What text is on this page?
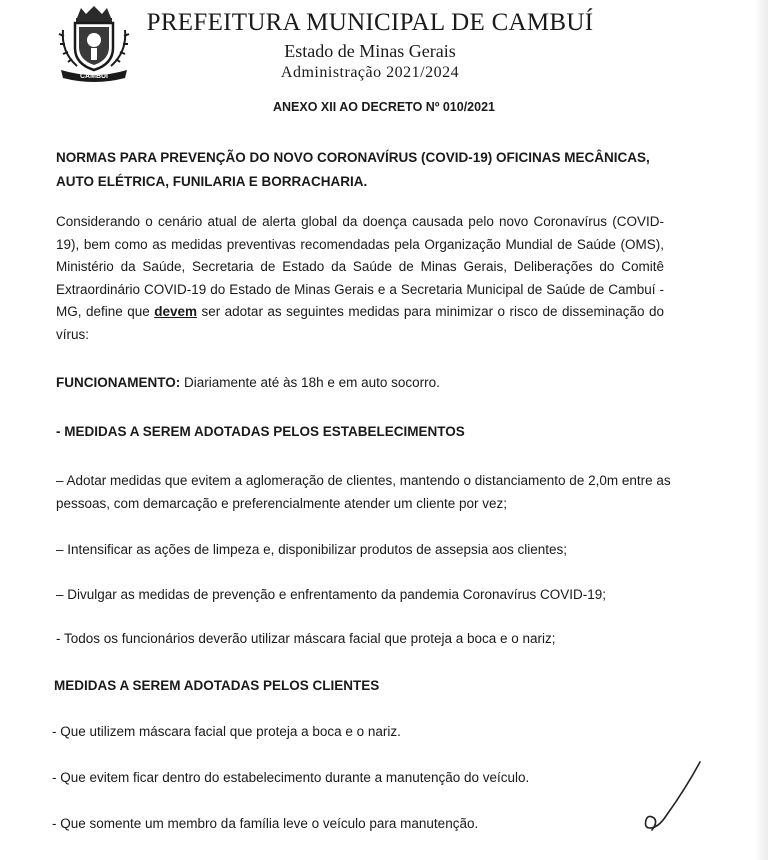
CAMBUÍ
PREFEITURA MUNICIPAL DE CAMBUÍ
Estado de Minas Gerais
Administração 2021/2024
ANEXO XII AO DECRETO Nº 010/2021
NORMAS PARA PREVENÇÃO DO NOVO CORONAVÍRUS (COVID-19) OFICINAS MECÂNICAS, AUTO ELÉTRICA, FUNILARIA E BORRACHARIA.
Considerando o cenário atual de alerta global da doença causada pelo novo Coronavírus (COVID-19), bem como as medidas preventivas recomendadas pela Organização Mundial de Saúde (OMS), Ministério da Saúde, Secretaria de Estado da Saúde de Minas Gerais, Deliberações do Comitê Extraordinário COVID-19 do Estado de Minas Gerais e a Secretaria Municipal de Saúde de Cambuí - MG, define que devem ser adotar as seguintes medidas para minimizar o risco de disseminação do vírus:
FUNCIONAMENTO: Diariamente até às 18h e em auto socorro.
- MEDIDAS A SEREM ADOTADAS PELOS ESTABELECIMENTOS
– Adotar medidas que evitem a aglomeração de clientes, mantendo o distanciamento de 2,0m entre as
pessoas, com demarcação e preferencialmente atender um cliente por vez;
– Intensificar as ações de limpeza e, disponibilizar produtos de assepsia aos clientes;
– Divulgar as medidas de prevenção e enfrentamento da pandemia Coronavírus COVID-19;
- Todos os funcionários deverão utilizar máscara facial que proteja a boca e o nariz;
MEDIDAS A SEREM ADOTADAS PELOS CLIENTES
- Que utilizem máscara facial que proteja a boca e o nariz.
- Que evitem ficar dentro do estabelecimento durante a manutenção do veículo.
- Que somente um membro da família leve o veículo para manutenção.
